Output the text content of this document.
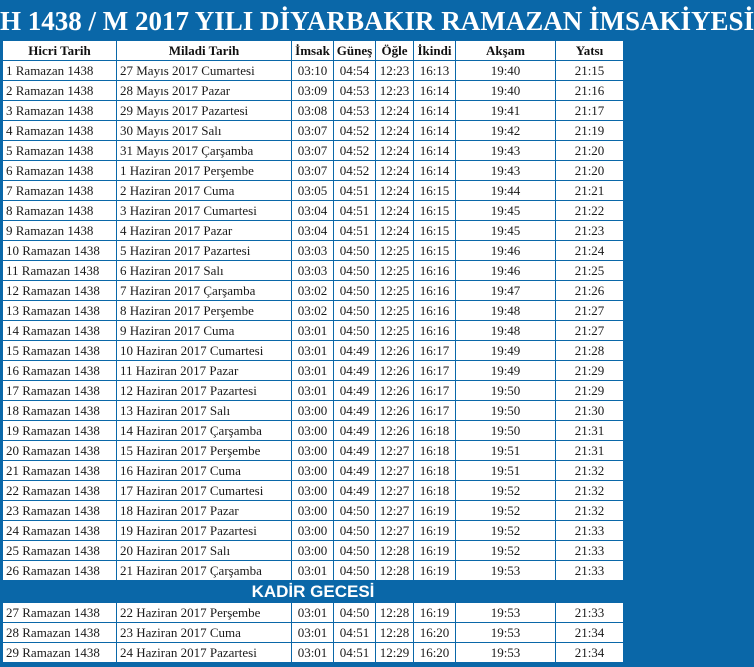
H 1438 / M 2017 YILI DİYARBAKIR RAMAZAN İMSAKİYESİ
Hicri Tarih	Miladi Tarih	İmsak	Güneş	Öğle	İkindi	Akşam	Yatsı
1 Ramazan 1438	27 Mayıs 2017 Cumartesi	03:10	04:54	12:23	16:13	19:40	21:15
2 Ramazan 1438	28 Mayıs 2017 Pazar	03:09	04:53	12:23	16:14	19:40	21:16
3 Ramazan 1438	29 Mayıs 2017 Pazartesi	03:08	04:53	12:24	16:14	19:41	21:17
4 Ramazan 1438	30 Mayıs 2017 Salı	03:07	04:52	12:24	16:14	19:42	21:19
5 Ramazan 1438	31 Mayıs 2017 Çarşamba	03:07	04:52	12:24	16:14	19:43	21:20
6 Ramazan 1438	1 Haziran 2017 Perşembe	03:07	04:52	12:24	16:14	19:43	21:20
7 Ramazan 1438	2 Haziran 2017 Cuma	03:05	04:51	12:24	16:15	19:44	21:21
8 Ramazan 1438	3 Haziran 2017 Cumartesi	03:04	04:51	12:24	16:15	19:45	21:22
9 Ramazan 1438	4 Haziran 2017 Pazar	03:04	04:51	12:24	16:15	19:45	21:23
10 Ramazan 1438	5 Haziran 2017 Pazartesi	03:03	04:50	12:25	16:15	19:46	21:24
11 Ramazan 1438	6 Haziran 2017 Salı	03:03	04:50	12:25	16:16	19:46	21:25
12 Ramazan 1438	7 Haziran 2017 Çarşamba	03:02	04:50	12:25	16:16	19:47	21:26
13 Ramazan 1438	8 Haziran 2017 Perşembe	03:02	04:50	12:25	16:16	19:48	21:27
14 Ramazan 1438	9 Haziran 2017 Cuma	03:01	04:50	12:25	16:16	19:48	21:27
15 Ramazan 1438	10 Haziran 2017 Cumartesi	03:01	04:49	12:26	16:17	19:49	21:28
16 Ramazan 1438	11 Haziran 2017 Pazar	03:01	04:49	12:26	16:17	19:49	21:29
17 Ramazan 1438	12 Haziran 2017 Pazartesi	03:01	04:49	12:26	16:17	19:50	21:29
18 Ramazan 1438	13 Haziran 2017 Salı	03:00	04:49	12:26	16:17	19:50	21:30
19 Ramazan 1438	14 Haziran 2017 Çarşamba	03:00	04:49	12:26	16:18	19:50	21:31
20 Ramazan 1438	15 Haziran 2017 Perşembe	03:00	04:49	12:27	16:18	19:51	21:31
21 Ramazan 1438	16 Haziran 2017 Cuma	03:00	04:49	12:27	16:18	19:51	21:32
22 Ramazan 1438	17 Haziran 2017 Cumartesi	03:00	04:49	12:27	16:18	19:52	21:32
23 Ramazan 1438	18 Haziran 2017 Pazar	03:00	04:50	12:27	16:19	19:52	21:32
24 Ramazan 1438	19 Haziran 2017 Pazartesi	03:00	04:50	12:27	16:19	19:52	21:33
25 Ramazan 1438	20 Haziran 2017 Salı	03:00	04:50	12:28	16:19	19:52	21:33
26 Ramazan 1438	21 Haziran 2017 Çarşamba	03:01	04:50	12:28	16:19	19:53	21:33
KADİR GECESİ							
27 Ramazan 1438	22 Haziran 2017 Perşembe	03:01	04:50	12:28	16:19	19:53	21:33
28 Ramazan 1438	23 Haziran 2017 Cuma	03:01	04:51	12:28	16:20	19:53	21:34
29 Ramazan 1438	24 Haziran 2017 Pazartesi	03:01	04:51	12:29	16:20	19:53	21:34
